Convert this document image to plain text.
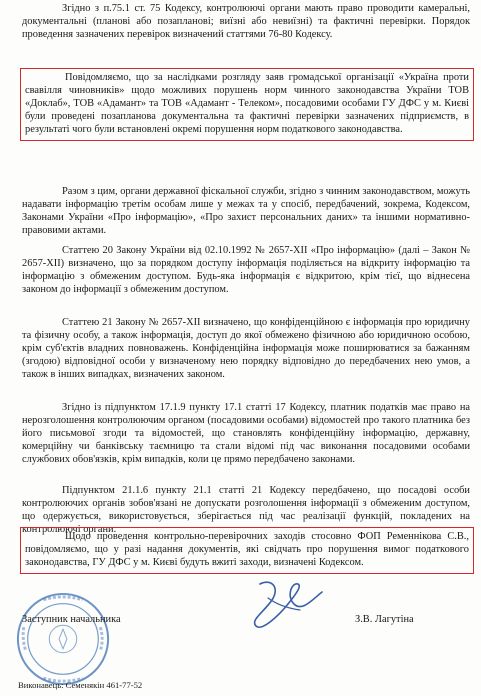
Згідно з п.75.1 ст. 75 Кодексу, контролюючі органи мають право проводити камеральні, документальні (планові або позапланові; виїзні або невиїзні) та фактичні перевірки. Порядок проведення зазначених перевірок визначений статтями 76-80 Кодексу.

Повідомляємо, що за наслідками розгляду заяв громадської організації «Україна проти свавілля чиновників» щодо можливих порушень норм чинного законодавства України ТОВ «Доклаб», ТОВ «Адамант» та ТОВ «Адамант - Телеком», посадовими особами ГУ ДФС у м. Києві були проведені позапланова документальна та фактичні перевірки зазначених підприємств, в результаті чого були встановлені окремі порушення норм податкового законодавства.

Разом з цим, органи державної фіскальної служби, згідно з чинним законодавством, можуть надавати інформацію третім особам лише у межах та у спосіб, передбачений, зокрема, Кодексом, Законами України «Про інформацію», «Про захист персональних даних» та іншими нормативно-правовими актами.

Статтею 20 Закону України від 02.10.1992 № 2657-XII «Про інформацію» (далі – Закон № 2657-XII) визначено, що за порядком доступу інформація поділяється на відкриту інформацію та інформацію з обмеженим доступом. Будь-яка інформація є відкритою, крім тієї, що віднесена законом до інформації з обмеженим доступом.

Статтею 21 Закону № 2657-XII визначено, що конфіденційною є інформація про юридичну та фізичну особу, а також інформація, доступ до якої обмежено фізичною або юридичною особою, крім суб'єктів владних повноважень. Конфіденційна інформація може поширюватися за бажанням (згодою) відповідної особи у визначеному нею порядку відповідно до передбачених нею умов, а також в інших випадках, визначених законом.

Згідно із підпунктом 17.1.9 пункту 17.1 статті 17 Кодексу, платник податків має право на нерозголошення контролюючим органом (посадовими особами) відомостей про такого платника без його письмової згоди та відомостей, що становлять конфіденційну інформацію, державну, комерційну чи банківську таємницю та стали відомі під час виконання посадовими особами службових обов'язків, крім випадків, коли це прямо передбачено законами.

Підпунктом 21.1.6 пункту 21.1 статті 21 Кодексу передбачено, що посадові особи контролюючих органів зобов'язані не допускати розголошення інформації з обмеженим доступом, що одержується, використовується, зберігається під час реалізації функцій, покладених на контролюючі органи.

Щодо проведення контрольно-перевірочних заходів стосовно ФОП Ременнікова С.В., повідомляємо, що у разі надання документів, які свідчать про порушення вимог податкового законодавства, ГУ ДФС у м. Києві будуть вжиті заходи, визначені Кодексом.

Заступник начальника	З.В. Лагутіна
Виконавець: Семенякін 461-77-52
